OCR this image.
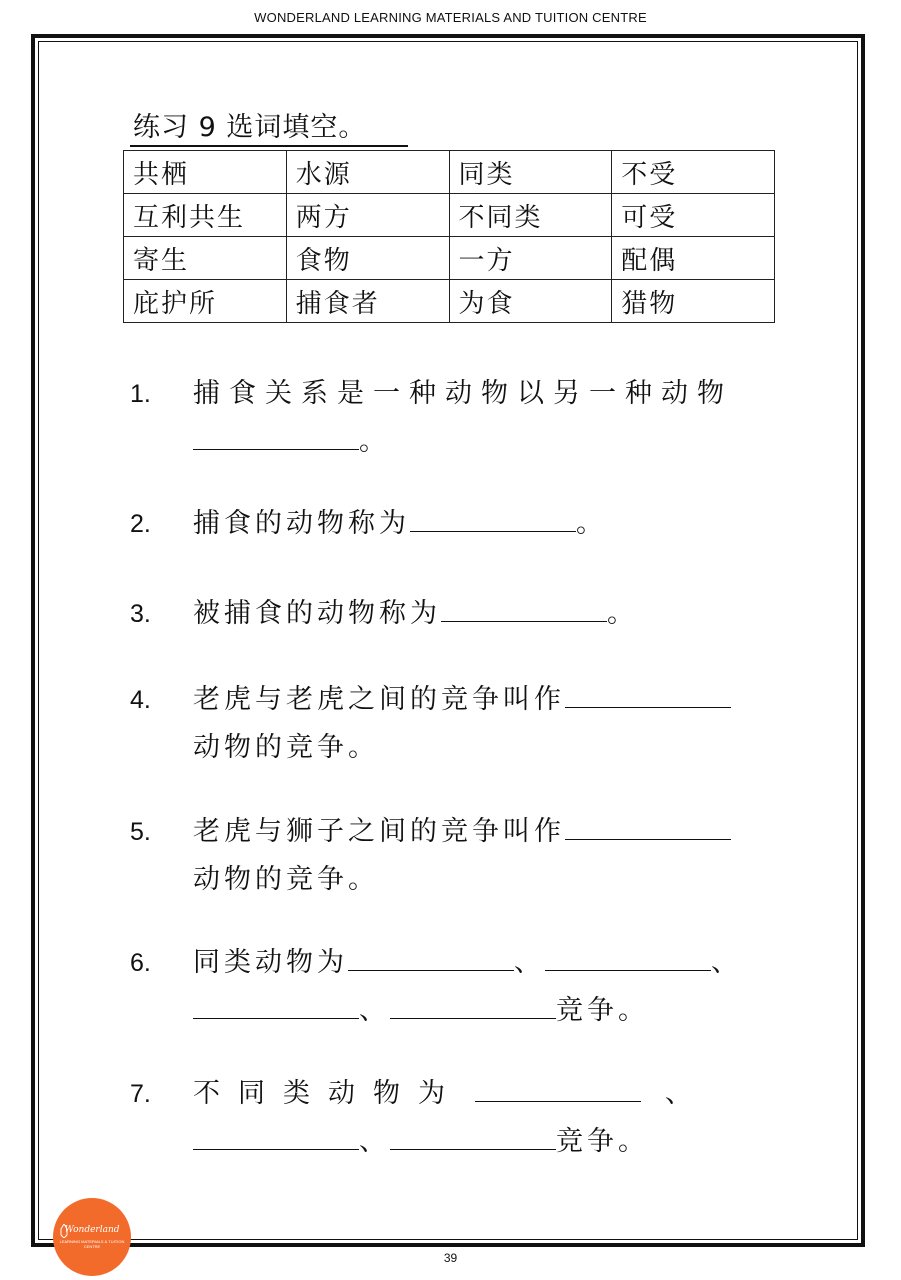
WONDERLAND LEARNING MATERIALS AND TUITION CENTRE
练习 9 选词填空。
共栖	水源	同类	不受
互利共生	两方	不同类	可受
寄生	食物	一方	配偶
庇护所	捕食者	为食	猎物
1. 捕食关系是一种动物以另一种动物
。
2. 捕食的动物称为	。
3. 被捕食的动物称为	。
4. 老虎与老虎之间的竞争叫作
动物的竞争。
5. 老虎与狮子之间的竞争叫作
动物的竞争。
6. 同类动物为	、	、
、	竞争。
7. 不同类动物为	、
、	竞争。
Wonderland
LEARNING MATERIALS & TUITION CENTRE
39
